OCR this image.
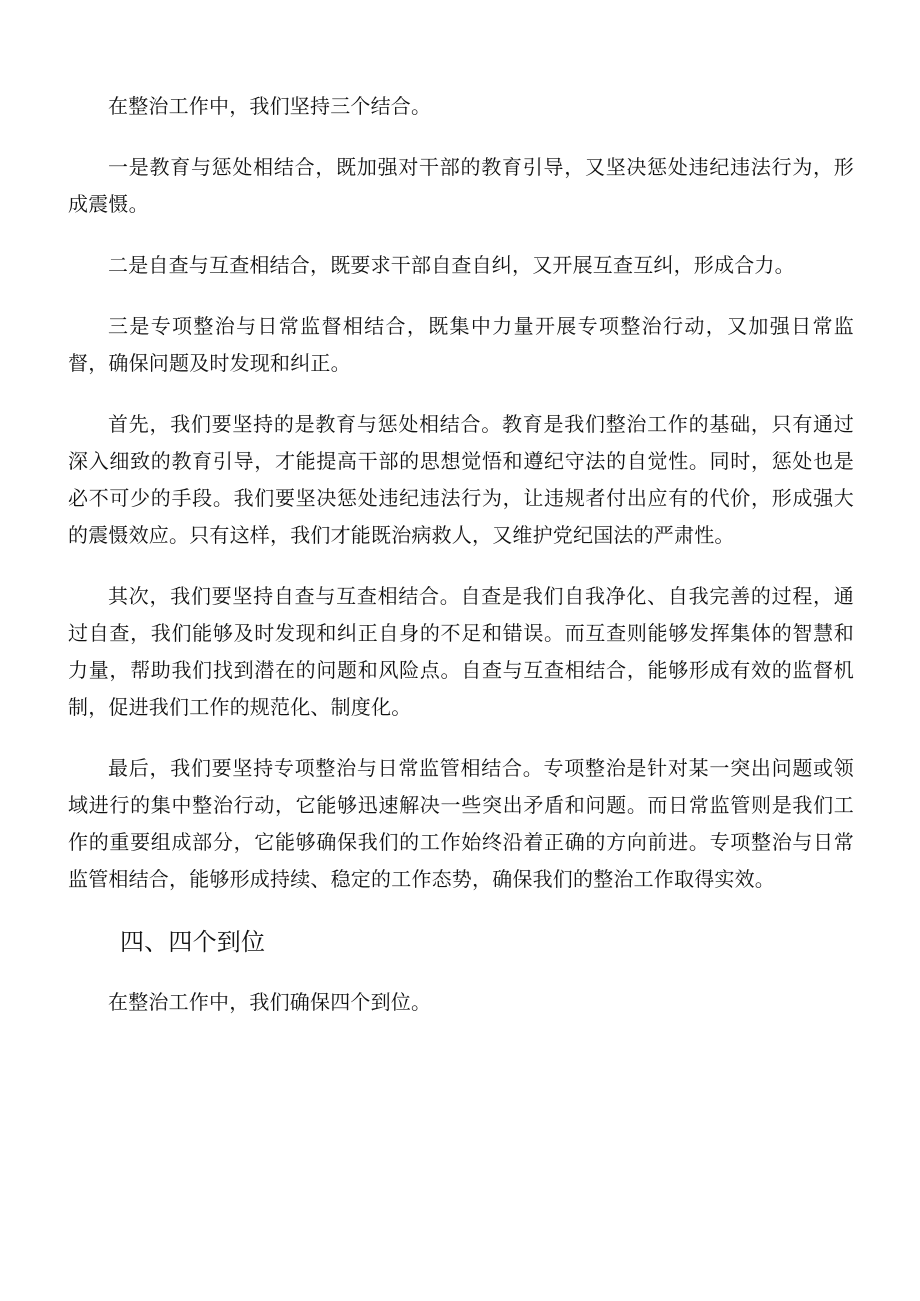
在整治工作中，我们坚持三个结合。

一是教育与惩处相结合，既加强对干部的教育引导，又坚决惩处违纪违法行为，形成震慑。

二是自查与互查相结合，既要求干部自查自纠，又开展互查互纠，形成合力。

三是专项整治与日常监督相结合，既集中力量开展专项整治行动，又加强日常监督，确保问题及时发现和纠正。

首先，我们要坚持的是教育与惩处相结合。教育是我们整治工作的基础，只有通过深入细致的教育引导，才能提高干部的思想觉悟和遵纪守法的自觉性。同时，惩处也是必不可少的手段。我们要坚决惩处违纪违法行为，让违规者付出应有的代价，形成强大的震慑效应。只有这样，我们才能既治病救人，又维护党纪国法的严肃性。

其次，我们要坚持自查与互查相结合。自查是我们自我净化、自我完善的过程，通过自查，我们能够及时发现和纠正自身的不足和错误。而互查则能够发挥集体的智慧和力量，帮助我们找到潜在的问题和风险点。自查与互查相结合，能够形成有效的监督机制，促进我们工作的规范化、制度化。

最后，我们要坚持专项整治与日常监管相结合。专项整治是针对某一突出问题或领域进行的集中整治行动，它能够迅速解决一些突出矛盾和问题。而日常监管则是我们工作的重要组成部分，它能够确保我们的工作始终沿着正确的方向前进。专项整治与日常监管相结合，能够形成持续、稳定的工作态势，确保我们的整治工作取得实效。

四、四个到位

在整治工作中，我们确保四个到位。
